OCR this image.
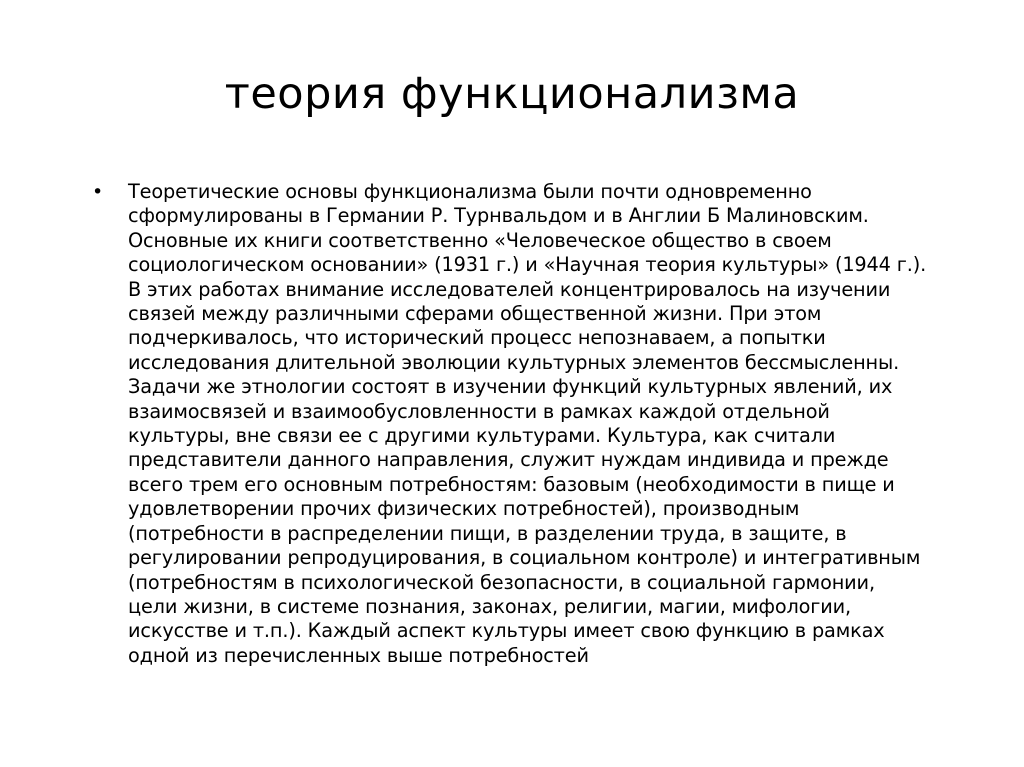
теория функционализма
•	Теоретические основы функционализма были почти одновременно
сформулированы в Германии Р. Турнвальдом и в Англии Б Малиновским.
Основные их книги соответственно «Человеческое общество в своем
социологическом основании» (1931 г.) и «Научная теория культуры» (1944 г.).
В этих работах внимание исследователей концентрировалось на изучении
связей между различными сферами общественной жизни. При этом
подчеркивалось, что исторический процесс непознаваем, а попытки
исследования длительной эволюции культурных элементов бессмысленны.
Задачи же этнологии состоят в изучении функций культурных явлений, их
взаимосвязей и взаимообусловленности в рамках каждой отдельной
культуры, вне связи ее с другими культурами. Культура, как считали
представители данного направления, служит нуждам индивида и прежде
всего трем его основным потребностям: базовым (необходимости в пище и
удовлетворении прочих физических потребностей), производным
(потребности в распределении пищи, в разделении труда, в защите, в
регулировании репродуцирования, в социальном контроле) и интегративным
(потребностям в психологической безопасности, в социальной гармонии,
цели жизни, в системе познания, законах, религии, магии, мифологии,
искусстве и т.п.). Каждый аспект культуры имеет свою функцию в рамках
одной из перечисленных выше потребностей
